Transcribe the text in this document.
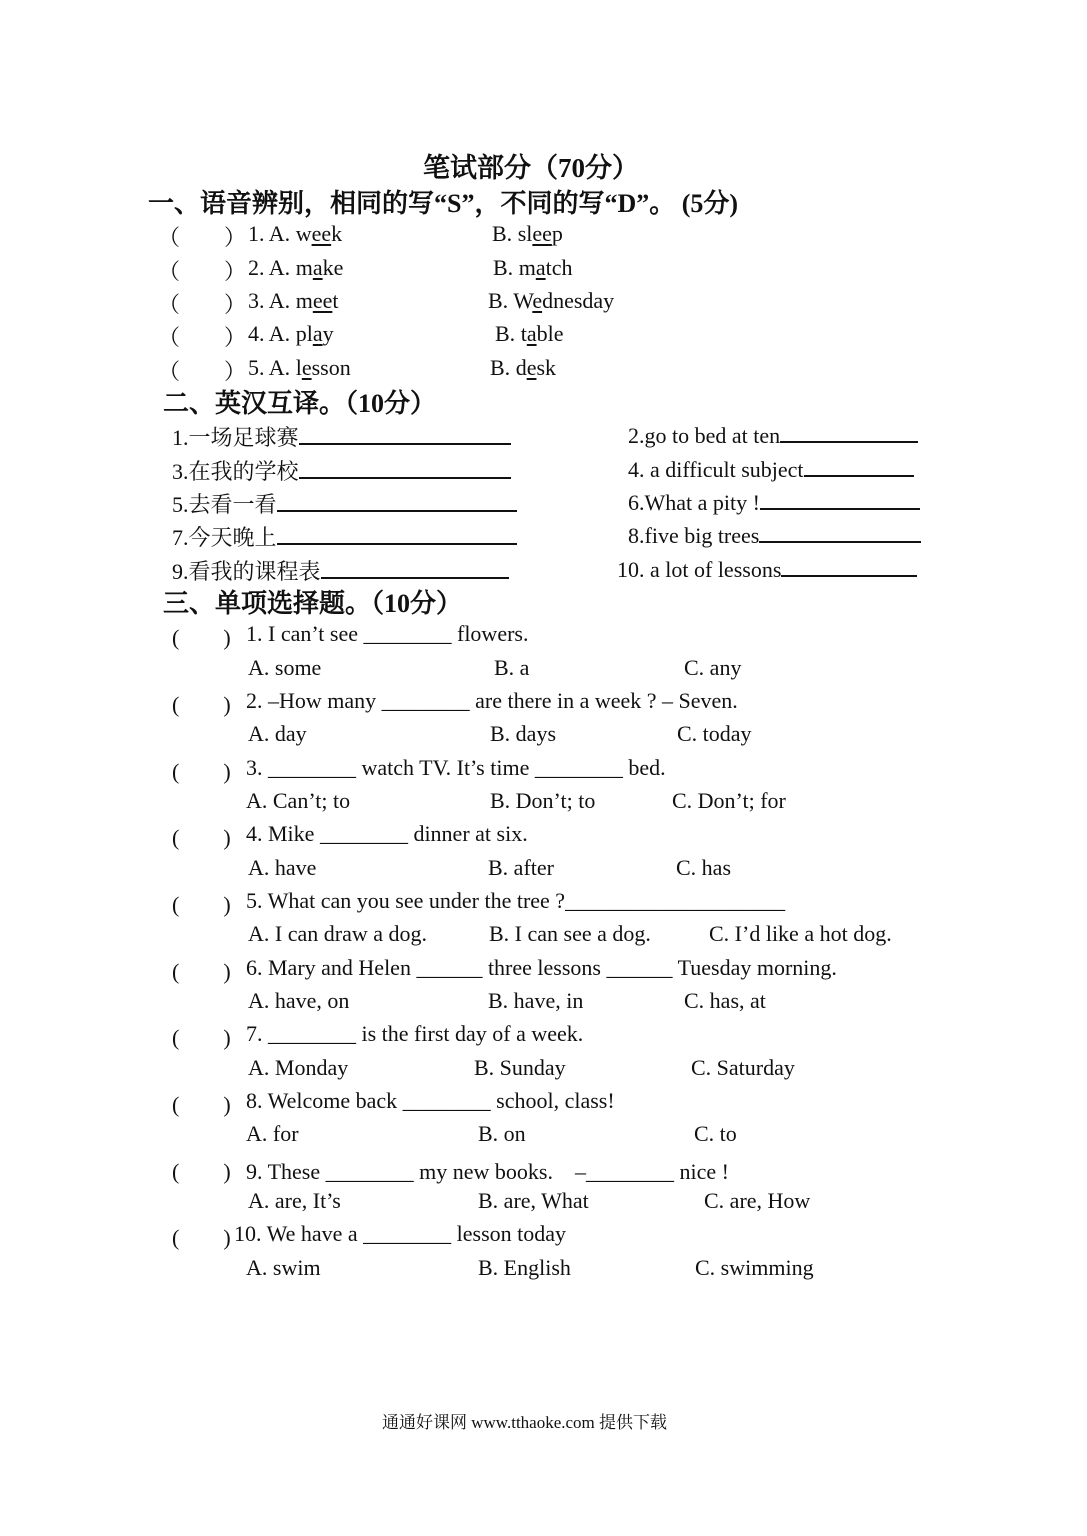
笔试部分（70分）
一、语音辨别，相同的写“S”，不同的写“D”。 (5分)
（　　） 1. A. week	B. sleep
（　　） 2. A. make	B. match
（　　） 3. A. meet	B. Wednesday
（　　） 4. A. play	B. table
（　　） 5. A. lesson	B. desk
二、英汉互译。（10分）
1.一场足球赛	2.go to bed at ten
3.在我的学校	4. a difficult subject
5.去看一看	6.What a pity !
7.今天晚上	8.five big trees
9.看我的课程表	10. a lot of lessons
三、单项选择题。（10分）
(　　) 1. I can’t see ________ flowers.
A. some	B. a	C. any
(　　) 2. –How many ________ are there in a week ? – Seven.
A. day	B. days	C. today
(　　) 3. ________ watch TV. It’s time ________ bed.
A. Can’t; to	B. Don’t; to	C. Don’t; for
(　　) 4. Mike ________ dinner at six.
A. have	B. after	C. has
(　　) 5. What can you see under the tree ?____________________
A. I can draw a dog.	B. I can see a dog.	C. I’d like a hot dog.
(　　) 6. Mary and Helen ______ three lessons ______ Tuesday morning.
A. have, on	B. have, in	C. has, at
(　　) 7. ________ is the first day of a week.
A. Monday	B. Sunday	C. Saturday
(　　) 8. Welcome back ________ school, class!
A. for	B. on	C. to
(　　) 9. These ________ my new books.　–________ nice !
A. are, It’s	B. are, What	C. are, How
(　　) 10. We have a ________ lesson today
A. swim	B. English	C. swimming
通通好课网 www.tthaoke.com 提供下载
